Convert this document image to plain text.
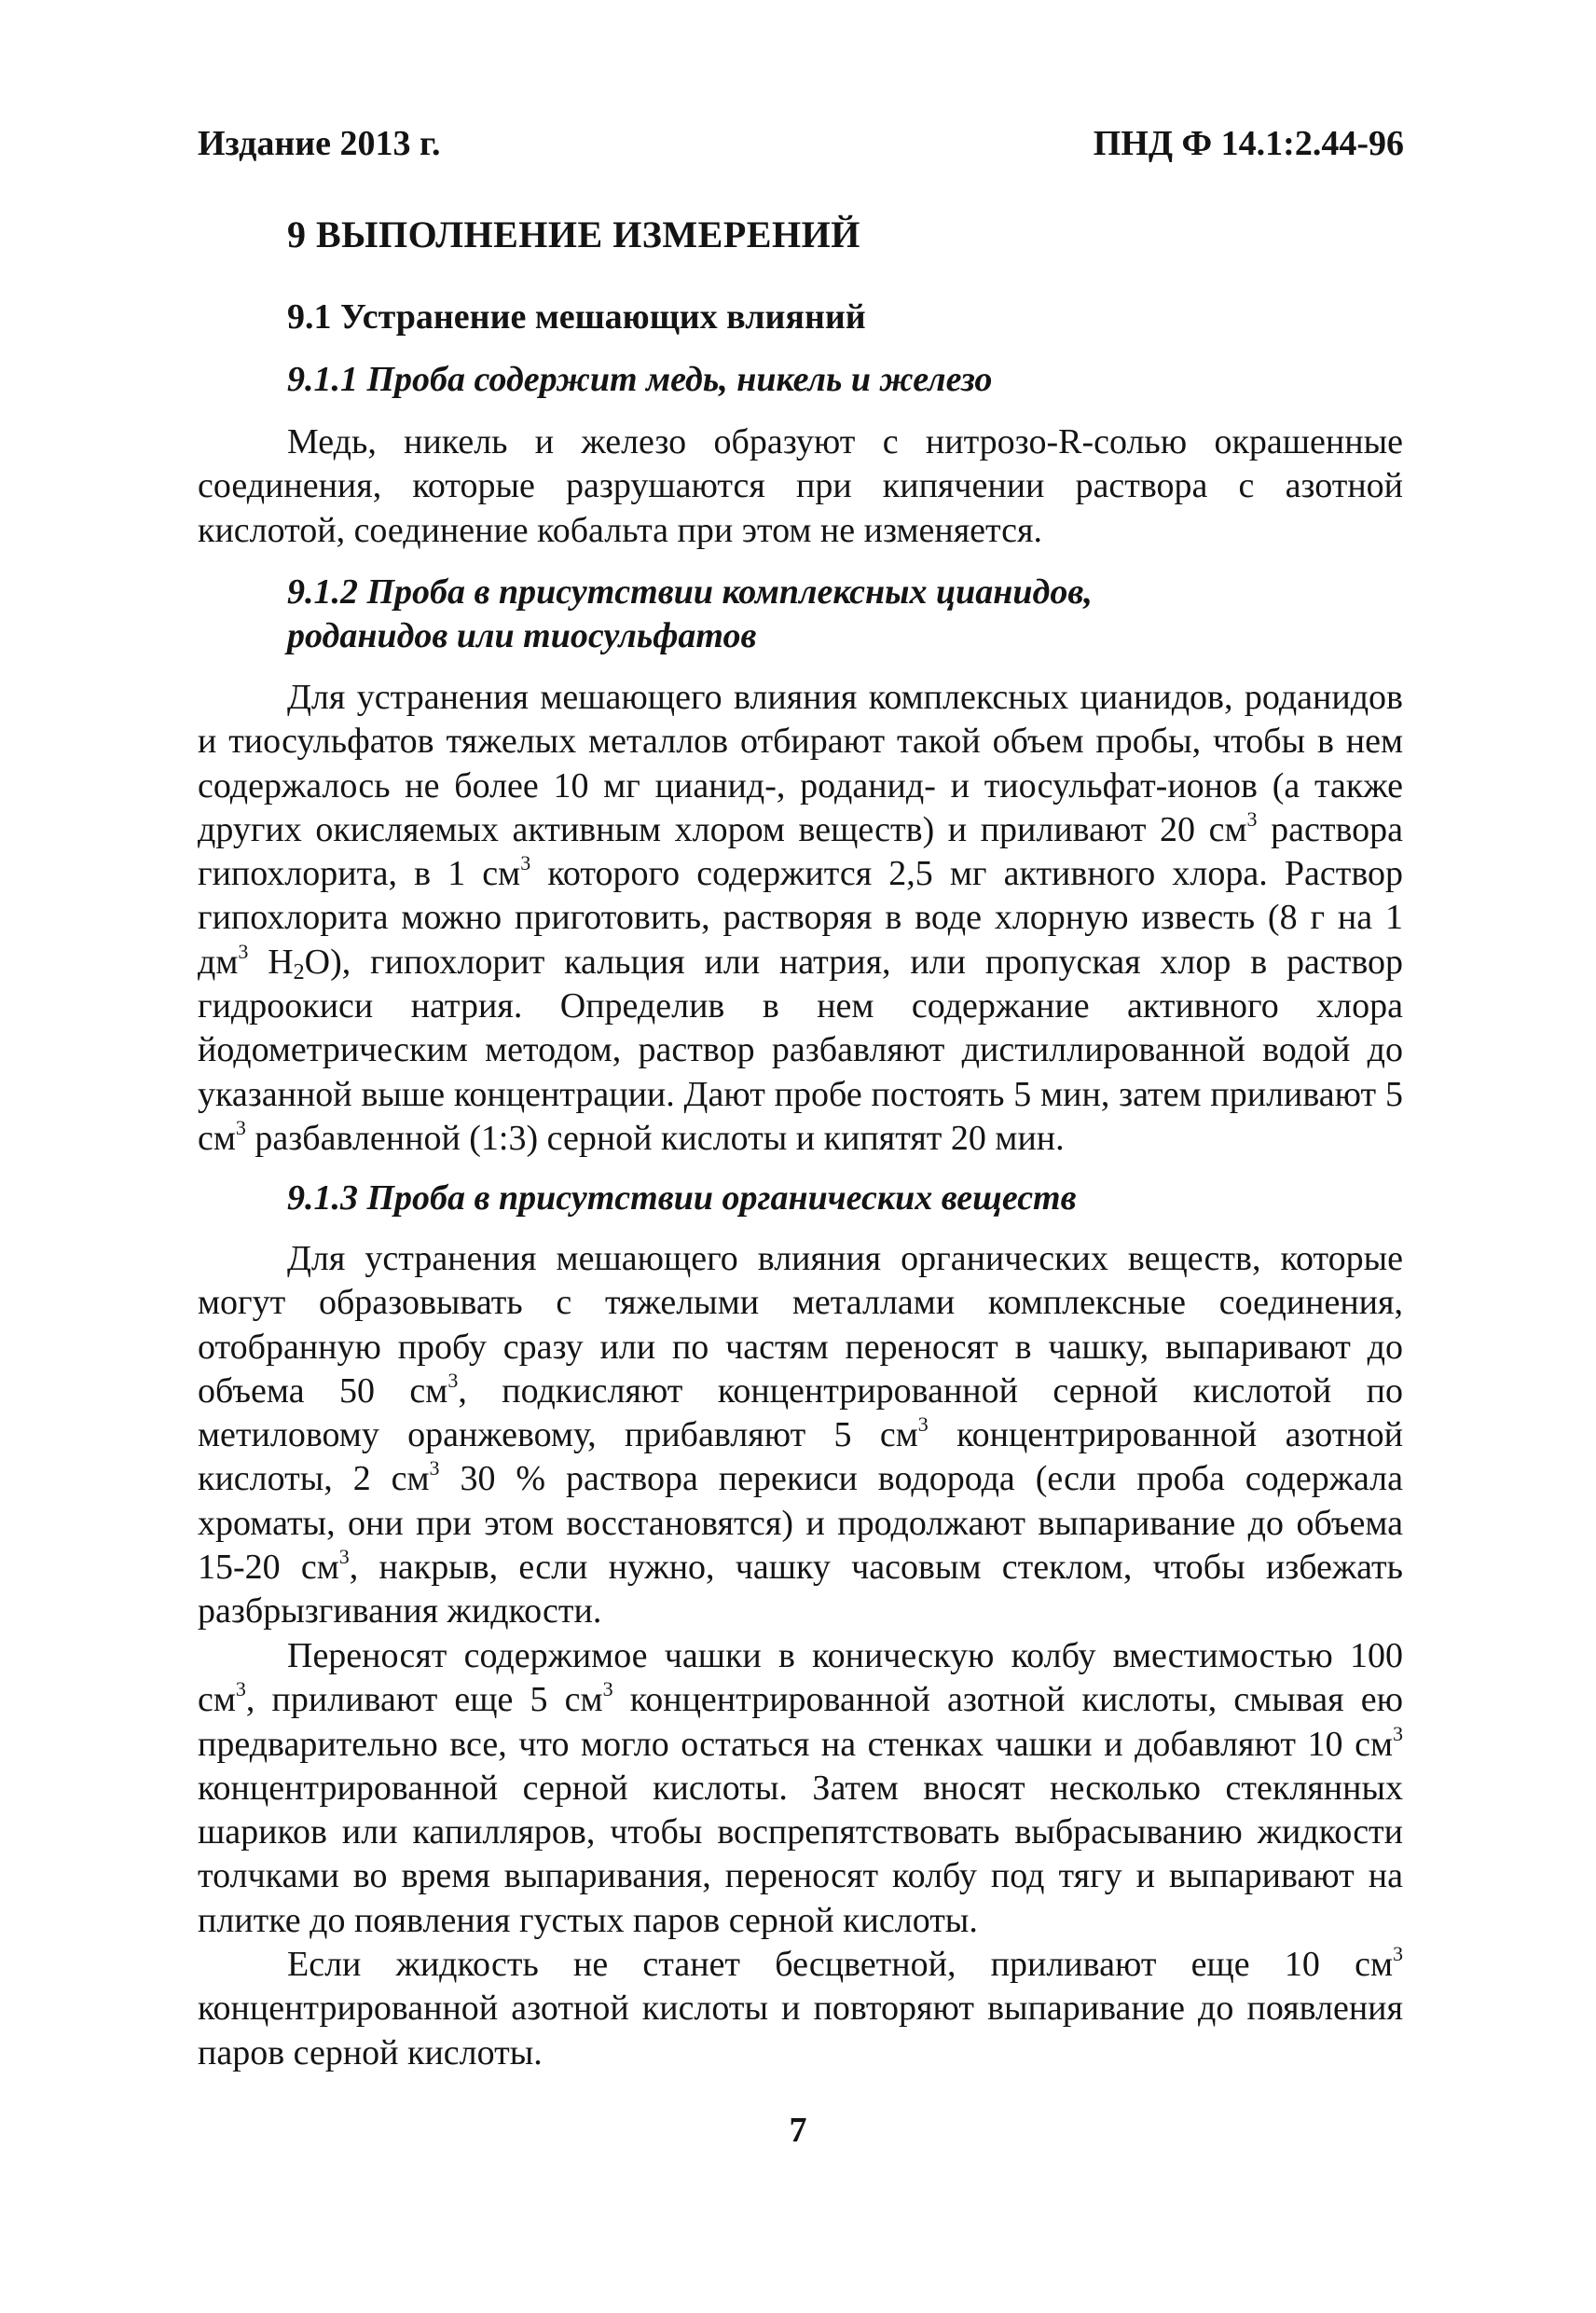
Издание 2013 г.	ПНД Ф 14.1:2.44-96
9 ВЫПОЛНЕНИЕ ИЗМЕРЕНИЙ
9.1 Устранение мешающих влияний
9.1.1 Проба содержит медь, никель и железо

Медь, никель и железо образуют с нитрозо-R-солью окрашенные соединения, которые разрушаются при кипячении раствора с азотной кислотой, соединение кобальта при этом не изменяется.

9.1.2 Проба в присутствии комплексных цианидов,
роданидов или тиосульфатов

Для устранения мешающего влияния комплексных цианидов, роданидов и тиосульфатов тяжелых металлов отбирают такой объем пробы, чтобы в нем содержалось не более 10 мг цианид-, роданид- и тиосульфат-ионов (а также других окисляемых активным хлором веществ) и приливают 20 $см^3$ раствора гипохлорита, в 1 $см^3$ которого содержится 2,5 мг активного хлора. Раствор гипохлорита можно приготовить, растворяя в воде хлорную известь (8 г на 1 $дм^3$ $H_2O$), гипохлорит кальция или натрия, или пропуская хлор в раствор гидроокиси натрия. Определив в нем содержание активного хлора йодометрическим методом, раствор разбавляют дистиллированной водой до указанной выше концентрации. Дают пробе постоять 5 мин, затем приливают 5 $см^3$ разбавленной (1:3) серной кислоты и кипятят 20 мин.

9.1.3 Проба в присутствии органических веществ

Для устранения мешающего влияния органических веществ, которые могут образовывать с тяжелыми металлами комплексные соединения, отобранную пробу сразу или по частям переносят в чашку, выпаривают до объема 50 $см^3$, подкисляют концентрированной серной кислотой по метиловому оранжевому, прибавляют 5 $см^3$ концентрированной азотной кислоты, 2 $см^3$ 30 % раствора перекиси водорода (если проба содержала хроматы, они при этом восстановятся) и продолжают выпаривание до объема 15-20 $см^3$, накрыв, если нужно, чашку часовым стеклом, чтобы избежать разбрызгивания жидкости.

Переносят содержимое чашки в коническую колбу вместимостью 100 $см^3$, приливают еще 5 $см^3$ концентрированной азотной кислоты, смывая ею предварительно все, что могло остаться на стенках чашки и добавляют 10 $см^3$ концентрированной серной кислоты. Затем вносят несколько стеклянных шариков или капилляров, чтобы воспрепятствовать выбрасыванию жидкости толчками во время выпаривания, переносят колбу под тягу и выпаривают на плитке до появления густых паров серной кислоты.

Если жидкость не станет бесцветной, приливают еще 10 $см^3$ концентрированной азотной кислоты и повторяют выпаривание до появления паров серной кислоты.

7
